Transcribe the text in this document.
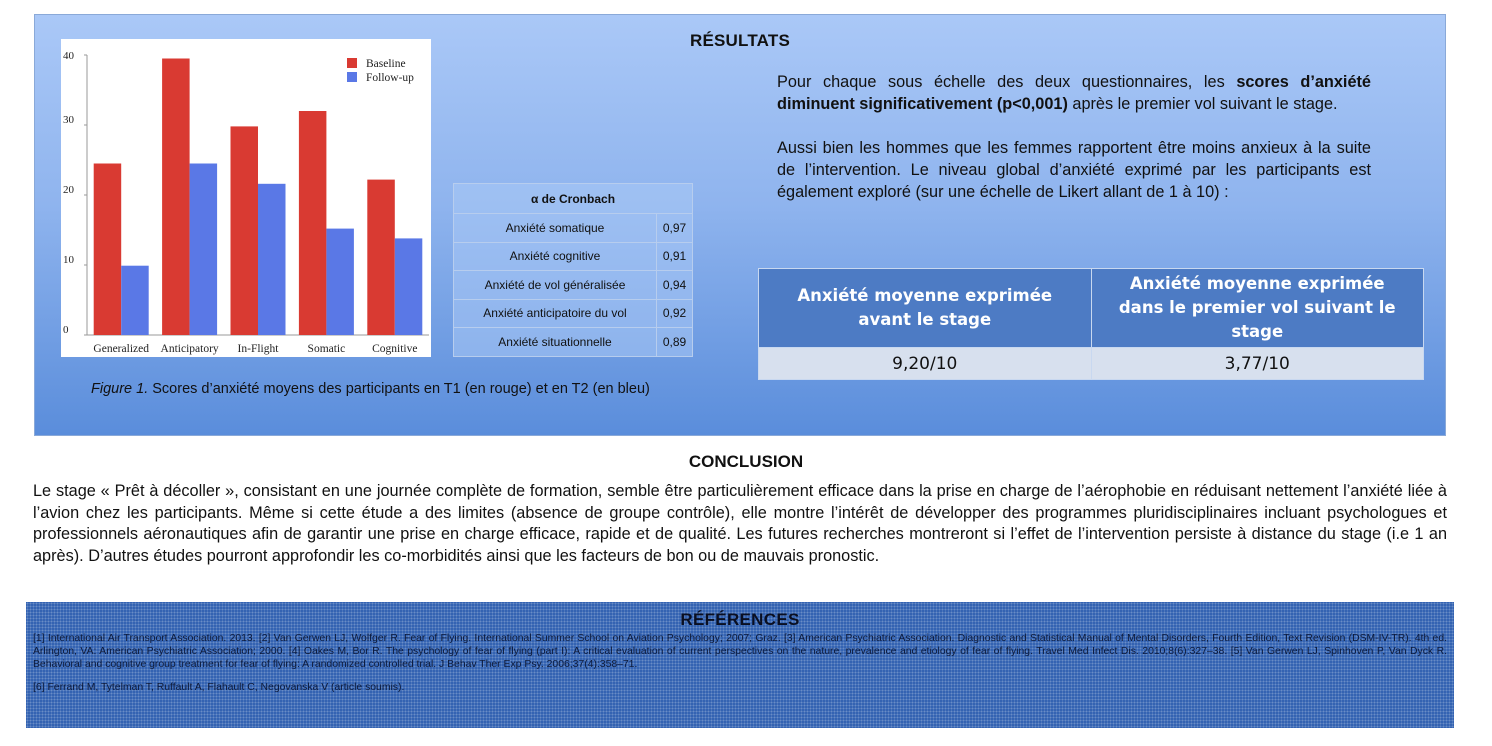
RÉSULTATS
0
10
20
30
40
Generalized Anticipatory In-Flight	Somatic Cognitive
Baseline
Follow-up
α de Cronbach	
Anxiété somatique	0,97
Anxiété cognitive	0,91
Anxiété de vol généralisée	0,94
Anxiété anticipatoire du vol	0,92
Anxiété situationnelle	0,89
Figure 1. Scores d’anxiété moyens des participants en T1 (en rouge) et en T2 (en bleu)

Pour chaque sous échelle des deux questionnaires, les scores d’anxiété diminuent significativement (p<0,001) après le premier vol suivant le stage.

Aussi bien les hommes que les femmes rapportent être moins anxieux à la suite de l’intervention. Le niveau global d’anxiété exprimé par les participants est également exploré (sur une échelle de Likert allant de 1 à 10) :

Anxiété moyenne exprimée
avant le stage	Anxiété moyenne exprimée
dans le premier vol suivant le stage
9,20/10	3,77/10
CONCLUSION
Le stage « Prêt à décoller », consistant en une journée complète de formation, semble être particulièrement efficace dans la prise en charge de l’aérophobie en réduisant nettement l’anxiété liée à l’avion chez les participants. Même si cette étude a des limites (absence de groupe contrôle), elle montre l’intérêt de développer des programmes pluridisciplinaires incluant psychologues et professionnels aéronautiques afin de garantir une prise en charge efficace, rapide et de qualité. Les futures recherches montreront si l’effet de l’intervention persiste à distance du stage (i.e 1 an après). D’autres études pourront approfondir les co-morbidités ainsi que les facteurs de bon ou de mauvais pronostic.
RÉFÉRENCES

[1] International Air Transport Association. 2013. [2] Van Gerwen LJ, Wolfger R. Fear of Flying. International Summer School on Aviation Psychology; 2007; Graz. [3] American Psychiatric Association. Diagnostic and Statistical Manual of Mental Disorders, Fourth Edition, Text Revision (DSM-IV-TR). 4th ed. Arlington, VA: American Psychiatric Association; 2000. [4] Oakes M, Bor R. The psychology of fear of flying (part I): A critical evaluation of current perspectives on the nature, prevalence and etiology of fear of flying. Travel Med Infect Dis. 2010;8(6):327–38. [5] Van Gerwen LJ, Spinhoven P, Van Dyck R. Behavioral and cognitive group treatment for fear of flying: A randomized controlled trial. J Behav Ther Exp Psy. 2006;37(4):358–71.

[6] Ferrand M, Tytelman T, Ruffault A, Flahault C, Negovanska V (article soumis).
